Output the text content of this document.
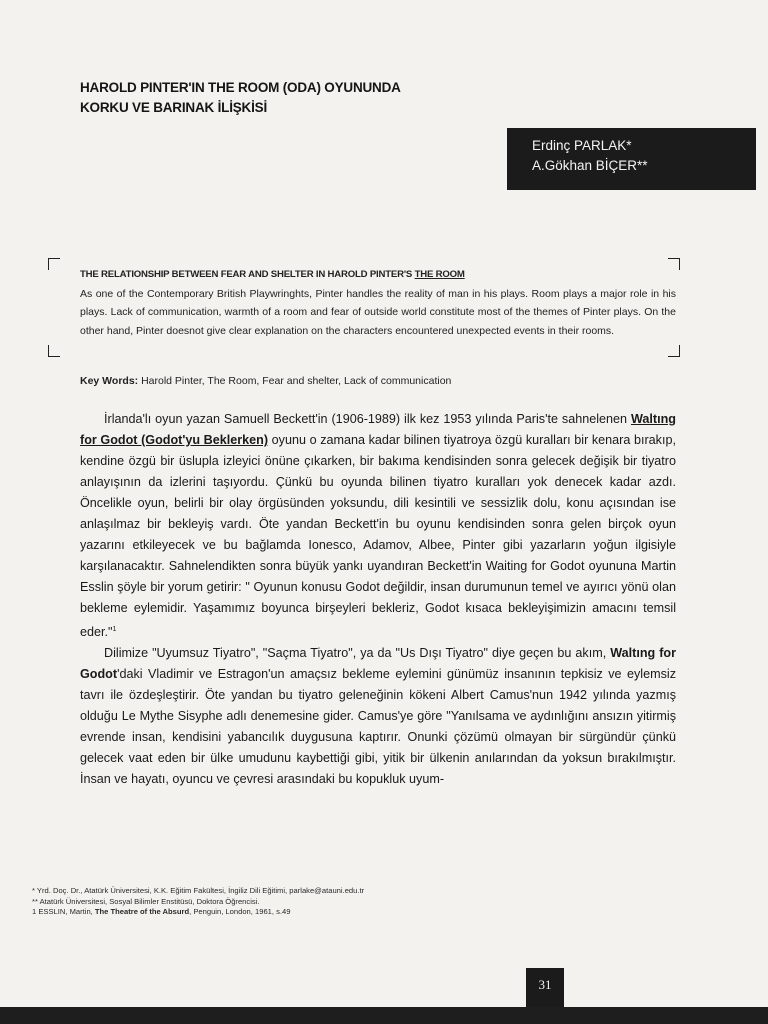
HAROLD PINTER'IN THE ROOM (ODA) OYUNUNDA
KORKU VE BARINAK İLİŞKİSİ
Erdinç PARLAK*
A.Gökhan BİÇER**

THE RELATIONSHIP BETWEEN FEAR AND SHELTER IN HAROLD PINTER'S THE ROOM

As one of the Contemporary British Playwringhts, Pinter handles the reality of man in his plays. Room plays a major role in his plays. Lack of communication, warmth of a room and fear of outside world constitute most of the themes of Pinter plays. On the other hand, Pinter doesnot give clear explanation on the characters encountered unexpected events in their rooms.

Key Words: Harold Pinter, The Room, Fear and shelter, Lack of communication

İrlanda'lı oyun yazan Samuell Beckett'in (1906-1989) ilk kez 1953 yılında Paris'te sahnelenen Waltıng for Godot (Godot'yu Beklerken) oyunu o zamana kadar bilinen tiyatroya özgü kuralları bir kenara bırakıp, kendine özgü bir üslupla izleyici önüne çıkarken, bir bakıma kendisinden sonra gelecek değişik bir tiyatro anlayışının da izlerini taşıyordu. Çünkü bu oyunda bilinen tiyatro kuralları yok denecek kadar azdı. Öncelikle oyun, belirli bir olay örgüsünden yoksundu, dili kesintili ve sessizlik dolu, konu açısından ise anlaşılmaz bir bekleyiş vardı. Öte yandan Beckett'in bu oyunu kendisinden sonra gelen birçok oyun yazarını etkileyecek ve bu bağlamda Ionesco, Adamov, Albee, Pinter gibi yazarların yoğun ilgisiyle karşılanacaktır. Sahnelendikten sonra büyük yankı uyandıran Beckett'in Waiting for Godot oyununa Martin Esslin şöyle bir yorum getirir: " Oyunun konusu Godot değildir, insan durumunun temel ve ayırıcı yönü olan bekleme eylemidir. Yaşamımız boyunca birşeyleri bekleriz, Godot kısaca bekleyişimizin amacını temsil eder."$^1$

Dilimize "Uyumsuz Tiyatro", "Saçma Tiyatro", ya da "Us Dışı Tiyatro" diye geçen bu akım, Waltıng for Godot'daki Vladimir ve Estragon'un amaçsız bekleme eylemini günümüz insanının tepkisiz ve eylemsiz tavrı ile özdeşleştirir. Öte yandan bu tiyatro geleneğinin kökeni Albert Camus'nun 1942 yılında yazmış olduğu Le Mythe Sisyphe adlı denemesine gider. Camus'ye göre "Yanılsama ve aydınlığını ansızın yitirmiş evrende insan, kendisini yabancılık duygusuna kaptırır. Onunki çözümü olmayan bir sürgündür çünkü gelecek vaat eden bir ülke umudunu kaybettiği gibi, yitik bir ülkenin anılarından da yoksun bırakılmıştır. İnsan ve hayatı, oyuncu ve çevresi arasındaki bu kopukluk uyum-

* Yrd. Doç. Dr., Atatürk Üniversitesi, K.K. Eğitim Fakültesi, İngiliz Dili Eğitimi, parlake@atauni.edu.tr
** Atatürk Üniversitesi, Sosyal Bilimler Enstitüsü, Doktora Öğrencisi.
1 ESSLIN, Martin, The Theatre of the Absurd, Penguin, London, 1961, s.49
31
